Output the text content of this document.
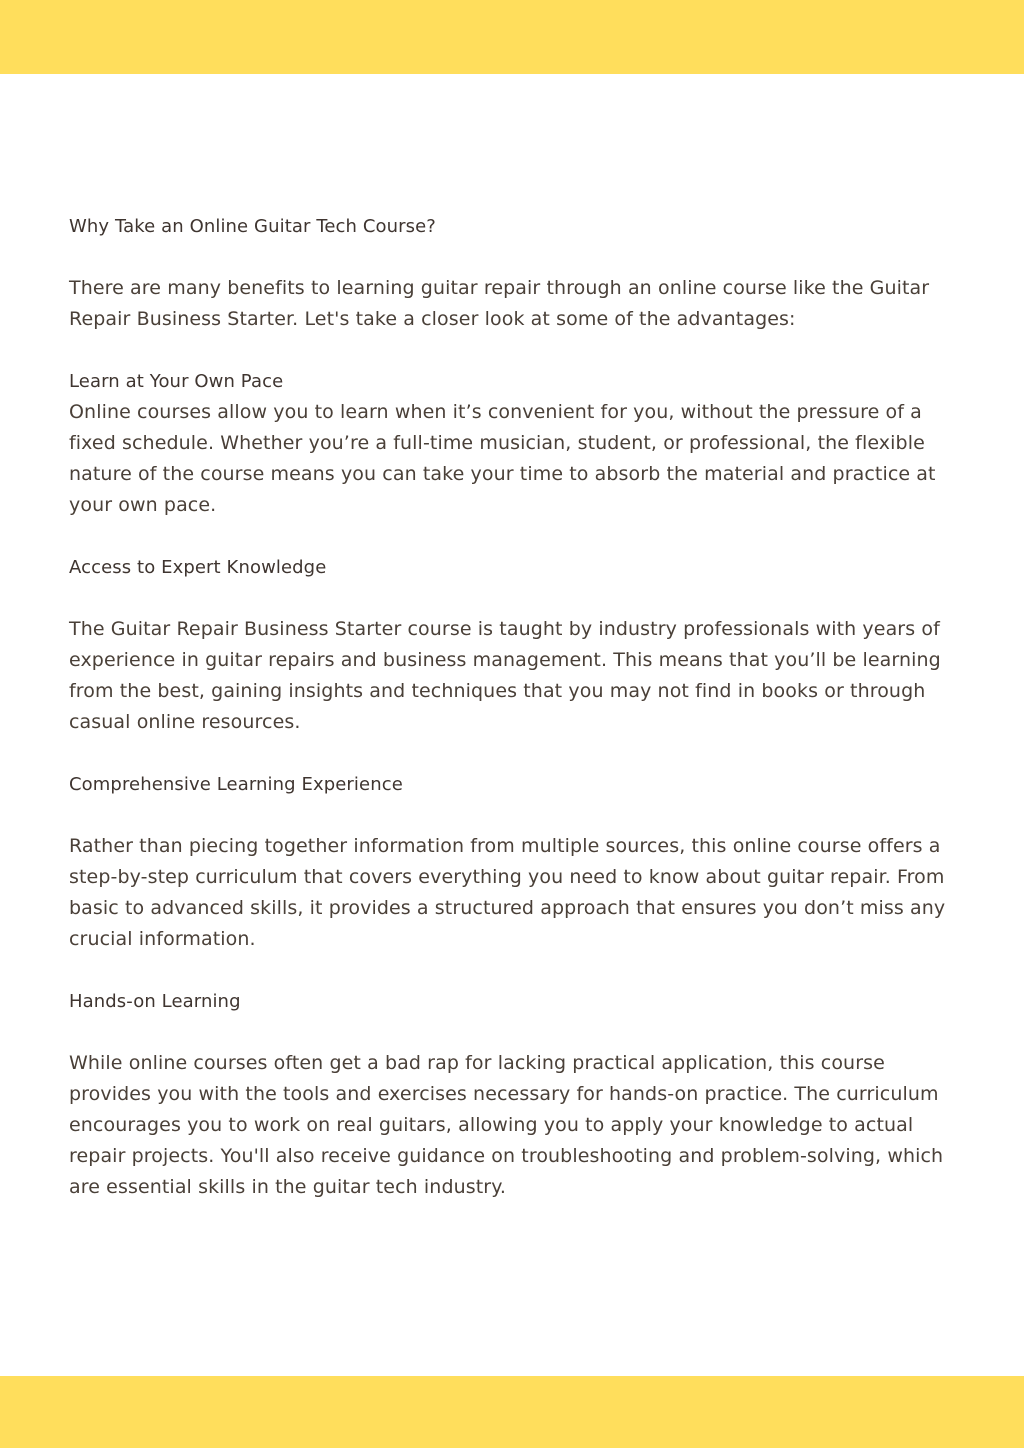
Why Take an Online Guitar Tech Course?

There are many benefits to learning guitar repair through an online course like the Guitar Repair Business Starter. Let's take a closer look at some of the advantages:

Learn at Your Own Pace

Online courses allow you to learn when it’s convenient for you, without the pressure of a fixed schedule. Whether you’re a full-time musician, student, or professional, the flexible nature of the course means you can take your time to absorb the material and practice at your own pace.

Access to Expert Knowledge

The Guitar Repair Business Starter course is taught by industry professionals with years of experience in guitar repairs and business management. This means that you’ll be learning from the best, gaining insights and techniques that you may not find in books or through casual online resources.

Comprehensive Learning Experience

Rather than piecing together information from multiple sources, this online course offers a step-by-step curriculum that covers everything you need to know about guitar repair. From basic to advanced skills, it provides a structured approach that ensures you don’t miss any crucial information.

Hands-on Learning

While online courses often get a bad rap for lacking practical application, this course provides you with the tools and exercises necessary for hands-on practice. The curriculum encourages you to work on real guitars, allowing you to apply your knowledge to actual repair projects. You'll also receive guidance on troubleshooting and problem-solving, which are essential skills in the guitar tech industry.
